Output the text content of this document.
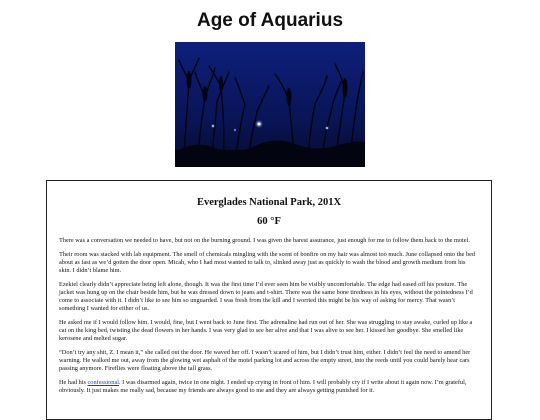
Age of Aquarius
Everglades National Park, 201X
60 °F

There was a conversation we needed to have, but not on the burning ground. I was given the barest assurance, just enough for me to follow them back to the motel.

Their room was stacked with lab equipment. The smell of chemicals mingling with the scent of bonfire on my hair was almost too much. June collapsed onto the bed about as fast as we’d gotten the door open. Micah, who I had most wanted to talk to, slinked away just as quickly to wash the blood and growth medium from his skin. I didn’t blame him.

Ezekiel clearly didn’t appreciate being left alone, though. It was the first time I’d ever seen him be visibly uncomfortable. The edge had eased off his posture. The jacket was hung up on the chair beside him, but he was dressed down to jeans and t-shirt. There was the same bone tiredness in his eyes, without the pointedness I’d come to associate with it. I didn’t like to see him so unguarded. I was fresh from the kill and I worried this might be his way of asking for mercy. That wasn’t something I wanted for either of us.

He asked me if I would follow him. I would, fine, but I went back to June first. The adrenaline had run out of her. She was struggling to stay awake, curled up like a cat on the king bed, twisting the dead flowers in her hands. I was very glad to see her alive and that I was alive to see her. I kissed her goodbye. She smelled like kerosene and melted sugar.

“Don’t try any shit, Z. I mean it,” she called out the door. He waved her off. I wasn’t scared of him, but I didn’t trust him, either. I didn’t feel the need to amend her warning. He walked me out, away from the glowing wet asphalt of the motel parking lot and across the empty street, into the reeds until you could barely hear cars passing anymore. Fireflies were floating above the tall grass.

He had his confessional. I was disarmed again, twice in one night. I ended up crying in front of him. I will probably cry if I write about it again now. I’m grateful, obviously. It just makes me really sad, because my friends are always good to me and they are always getting punished for it.
